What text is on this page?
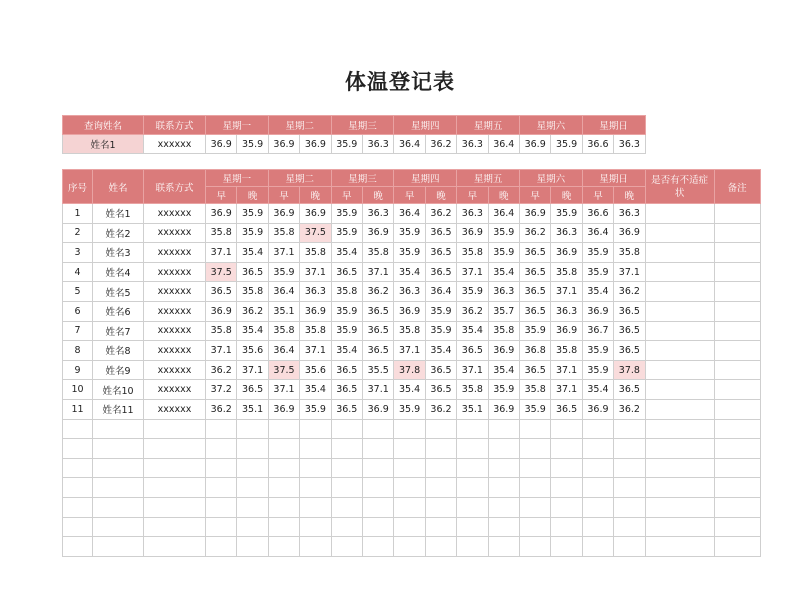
体温登记表
查询姓名	联系方式	星期一		星期二		星期三		星期四		星期五		星期六		星期日	
姓名1	xxxxxx	36.9	35.9	36.9	36.9	35.9	36.3	36.4	36.2	36.3	36.4	36.9	35.9	36.6	36.3
序号	姓名	联系方式	星期一		星期二		星期三		星期四		星期五		星期六		星期日		是否有不适症状	备注
			早	晚	早	晚	早	晚	早	晚	早	晚	早	晚	早	晚		
1	姓名1	xxxxxx	36.9	35.9	36.9	36.9	35.9	36.3	36.4	36.2	36.3	36.4	36.9	35.9	36.6	36.3		
2	姓名2	xxxxxx	35.8	35.9	35.8	37.5	35.9	36.9	35.9	36.5	36.9	35.9	36.2	36.3	36.4	36.9		
3	姓名3	xxxxxx	37.1	35.4	37.1	35.8	35.4	35.8	35.9	36.5	35.8	35.9	36.5	36.9	35.9	35.8		
4	姓名4	xxxxxx	37.5	36.5	35.9	37.1	36.5	37.1	35.4	36.5	37.1	35.4	36.5	35.8	35.9	37.1		
5	姓名5	xxxxxx	36.5	35.8	36.4	36.3	35.8	36.2	36.3	36.4	35.9	36.3	36.5	37.1	35.4	36.2		
6	姓名6	xxxxxx	36.9	36.2	35.1	36.9	35.9	36.5	36.9	35.9	36.2	35.7	36.5	36.3	36.9	36.5		
7	姓名7	xxxxxx	35.8	35.4	35.8	35.8	35.9	36.5	35.8	35.9	35.4	35.8	35.9	36.9	36.7	36.5		
8	姓名8	xxxxxx	37.1	35.6	36.4	37.1	35.4	36.5	37.1	35.4	36.5	36.9	36.8	35.8	35.9	36.5		
9	姓名9	xxxxxx	36.2	37.1	37.5	35.6	36.5	35.5	37.8	36.5	37.1	35.4	36.5	37.1	35.9	37.8		
10	姓名10	xxxxxx	37.2	36.5	37.1	35.4	36.5	37.1	35.4	36.5	35.8	35.9	35.8	37.1	35.4	36.5		
11	姓名11	xxxxxx	36.2	35.1	36.9	35.9	36.5	36.9	35.9	36.2	35.1	36.9	35.9	36.5	36.9	36.2		
